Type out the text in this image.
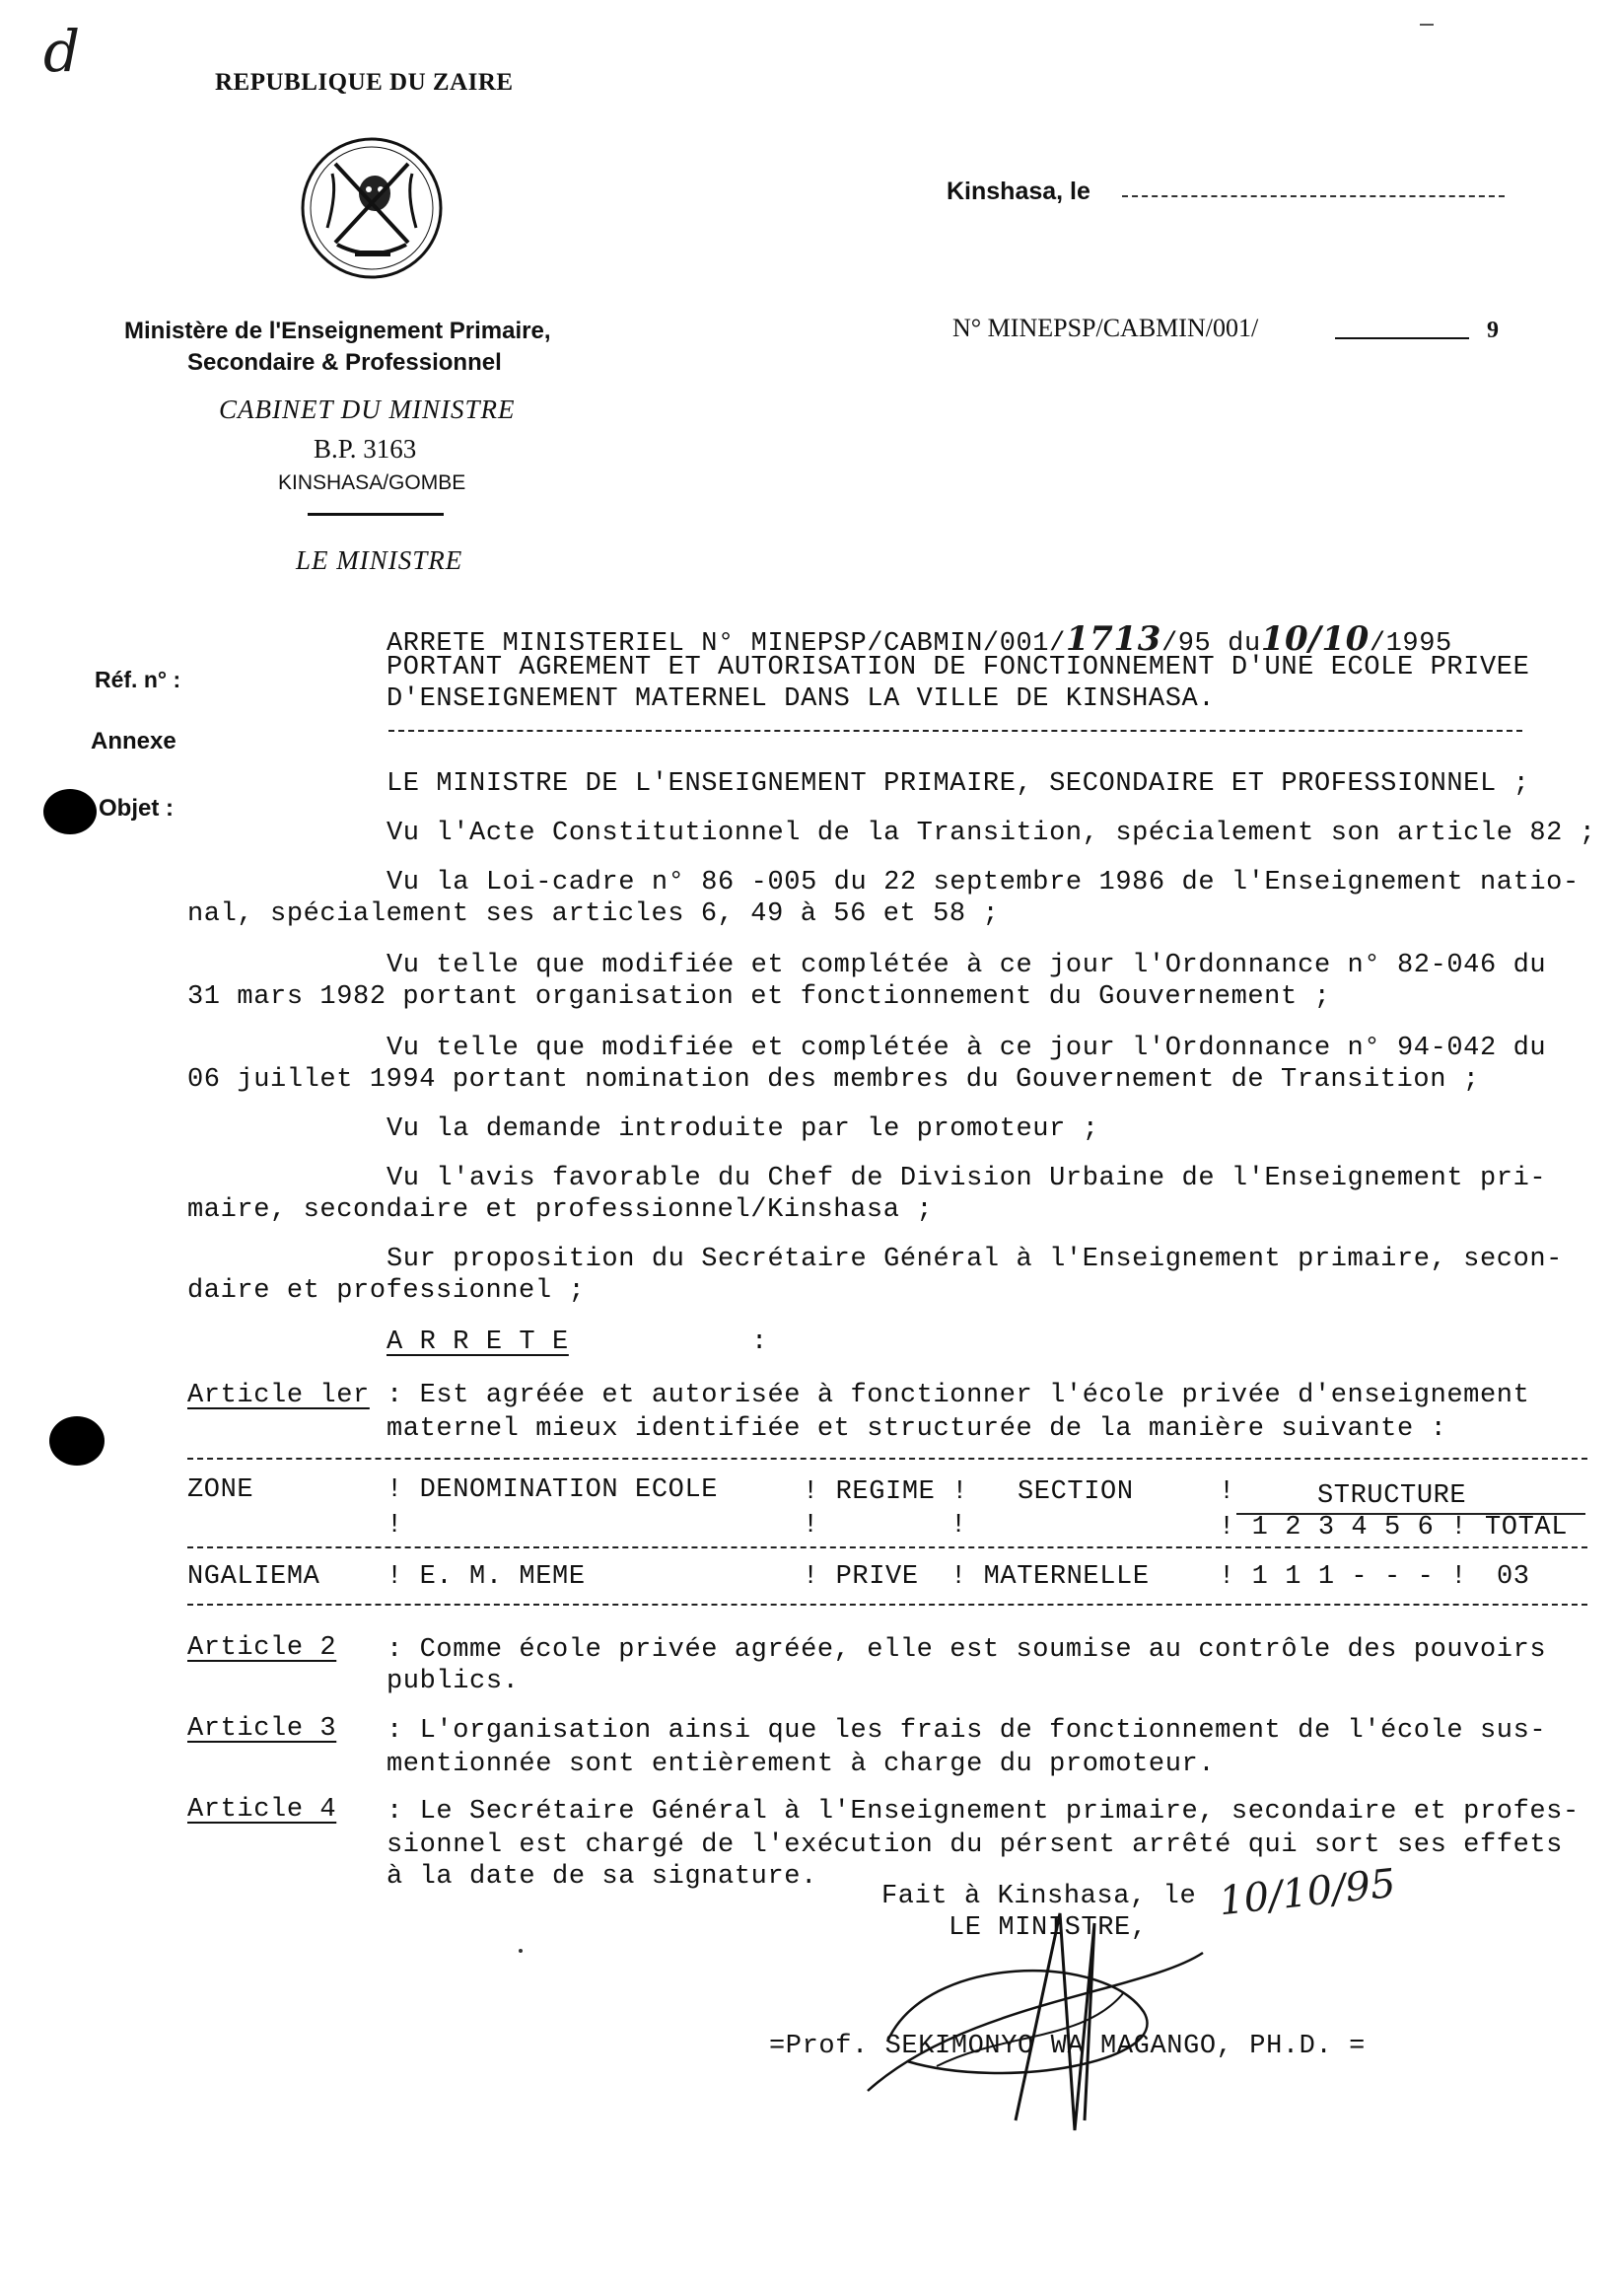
d	REPUBLIQUE DU ZAIRE
Ministère de l'Enseignement Primaire,
Secondaire & Professionnel
CABINET DU MINISTRE
B.P. 3163
KINSHASA/GOMBE
LE MINISTRE
Kinshasa, le
N° MINEPSP/CABMIN/001/	9
Réf. n° :
Annexe
Objet :
ARRETE MINISTERIEL N° MINEPSP/CABMIN/001/1713/95 du10/10/1995
PORTANT AGREMENT ET AUTORISATION DE FONCTIONNEMENT D'UNE ECOLE PRIVEE
D'ENSEIGNEMENT MATERNEL DANS LA VILLE DE KINSHASA.
LE MINISTRE DE L'ENSEIGNEMENT PRIMAIRE, SECONDAIRE ET PROFESSIONNEL ;
Vu l'Acte Constitutionnel de la Transition, spécialement son article 82 ;
Vu la Loi-cadre n° 86 -005 du 22 septembre 1986 de l'Enseignement natio-
nal, spécialement ses articles 6, 49 à 56 et 58 ;
Vu telle que modifiée et complétée à ce jour l'Ordonnance n° 82-046 du
31 mars 1982 portant organisation et fonctionnement du Gouvernement ;
Vu telle que modifiée et complétée à ce jour l'Ordonnance n° 94-042 du
06 juillet 1994 portant nomination des membres du Gouvernement de Transition ;
Vu la demande introduite par le promoteur ;
Vu l'avis favorable du Chef de Division Urbaine de l'Enseignement pri-
maire, secondaire et professionnel/Kinshasa ;
Sur proposition du Secrétaire Général à l'Enseignement primaire, secon-
daire et professionnel ;
A R R E T E	:
Article ler : Est agréée et autorisée à fonctionner l'école privée d'enseignement
maternel mieux identifiée et structurée de la manière suivante :
ZONE	! DENOMINATION ECOLE	! REGIME ! SECTION	!	STRUCTURE
!	!	!	! 1 2 3 4 5 6 ! TOTAL
NGALIEMA	! E. M. MEME	! PRIVE ! MATERNELLE	! 1 1 1 - - - ! 03
Article 2 : Comme école privée agréée, elle est soumise au contrôle des pouvoirs
publics.
Article 3 : L'organisation ainsi que les frais de fonctionnement de l'école sus-
mentionnée sont entièrement à charge du promoteur.
Article 4 : Le Secrétaire Général à l'Enseignement primaire, secondaire et profes-
sionnel est chargé de l'exécution du pérsent arrêté qui sort ses effets
à la date de sa signature.
Fait à Kinshasa, le 10/10/95
LE MINISTRE,
=Prof. SEKIMONYO WA MAGANGO, PH.D. =
